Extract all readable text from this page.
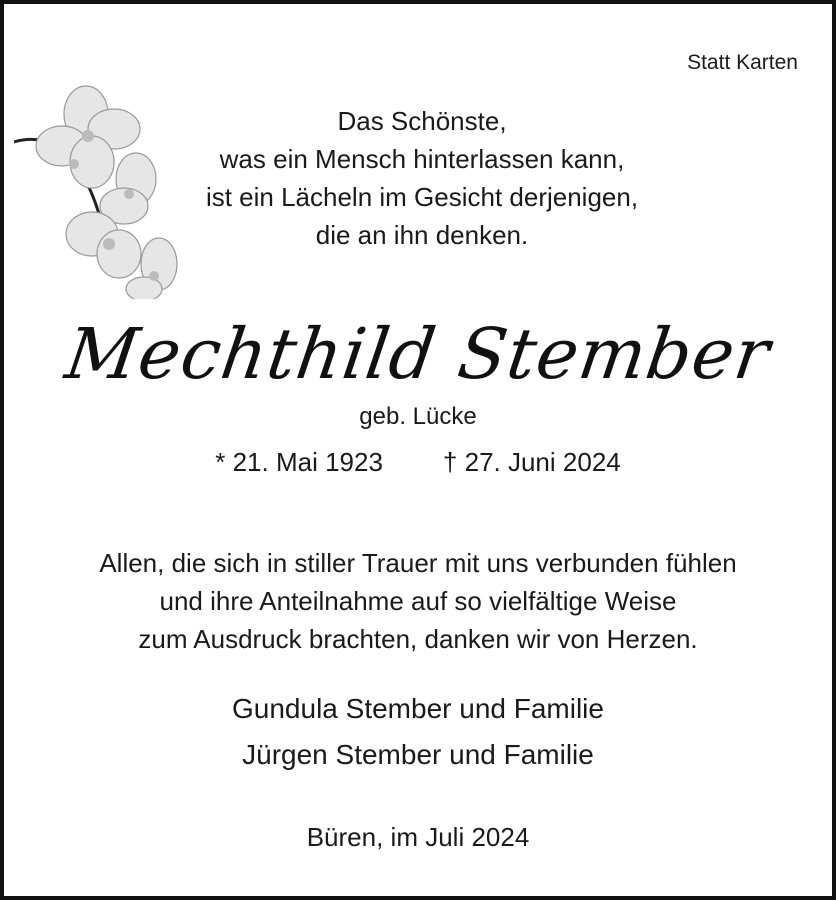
Statt Karten
Das Schönste,
was ein Mensch hinterlassen kann,
ist ein Lächeln im Gesicht derjenigen,
die an ihn denken.
Mechthild Stember
geb. Lücke
* 21. Mai 1923 † 27. Juni 2024
Allen, die sich in stiller Trauer mit uns verbunden fühlen
und ihre Anteilnahme auf so vielfältige Weise
zum Ausdruck brachten, danken wir von Herzen.
Gundula Stember und Familie
Jürgen Stember und Familie
Büren, im Juli 2024
